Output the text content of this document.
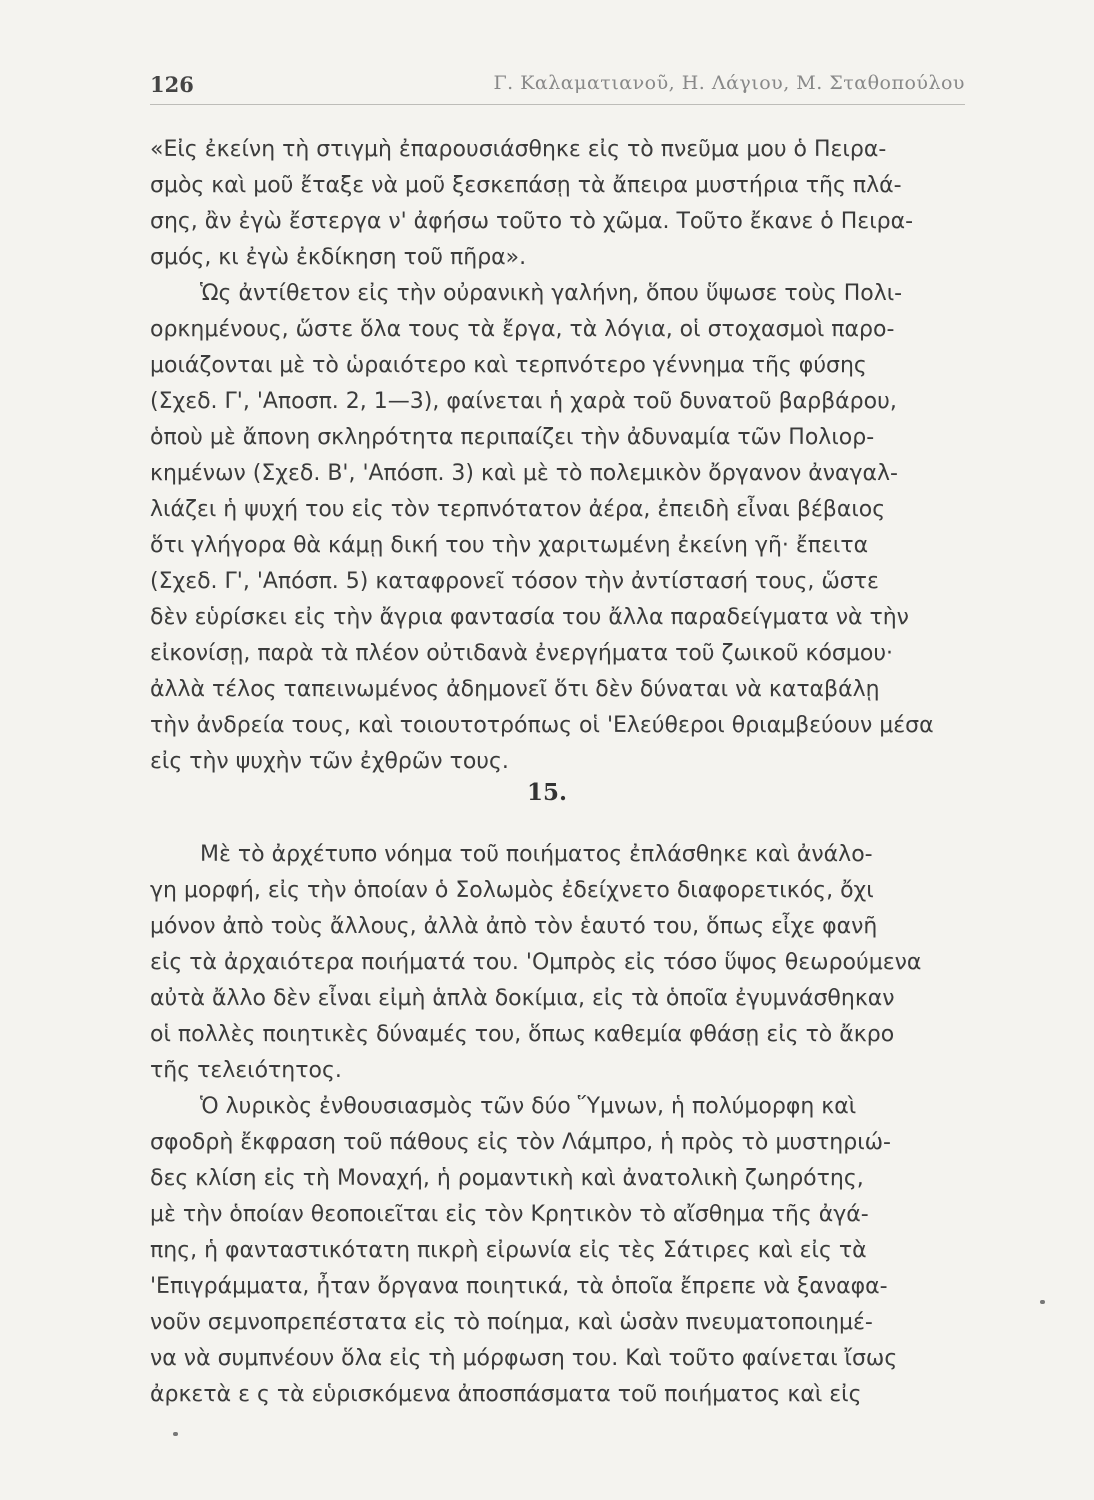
126	Γ. Καλαματιανοῦ, Η. Λάγιου, Μ. Σταθοπούλου
«Εἰς ἐκείνη τὴ στιγμὴ ἐπαρουσιάσθηκε εἰς τὸ πνεῦμα μου ὁ Πειρα-
σμὸς καὶ μοῦ ἔταξε νὰ μοῦ ξεσκεπάσῃ τὰ ἄπειρα μυστήρια τῆς πλά-
σης, ἂν ἐγὼ ἔστεργα ν' ἀφήσω τοῦτο τὸ χῶμα. Τοῦτο ἔκανε ὁ Πειρα-
σμός, κι ἐγὼ ἐκδίκηση τοῦ πῆρα».
Ὡς ἀντίθετον εἰς τὴν οὐρανικὴ γαλήνη, ὅπου ὕψωσε τοὺς Πολι-
ορκημένους, ὥστε ὅλα τους τὰ ἔργα, τὰ λόγια, οἱ στοχασμοὶ παρο-
μοιάζονται μὲ τὸ ὡραιότερο καὶ τερπνότερο γέννημα τῆς φύσης
(Σχεδ. Γ', 'Αποσπ. 2, 1—3), φαίνεται ἡ χαρὰ τοῦ δυνατοῦ βαρβάρου,
ὁποὺ μὲ ἄπονη σκληρότητα περιπαίζει τὴν ἀδυναμία τῶν Πολιορ-
κημένων (Σχεδ. Β', 'Απόσπ. 3) καὶ μὲ τὸ πολεμικὸν ὄργανον ἀναγαλ-
λιάζει ἡ ψυχή του εἰς τὸν τερπνότατον ἀέρα, ἐπειδὴ εἶναι βέβαιος
ὅτι γλήγορα θὰ κάμῃ δική του τὴν χαριτωμένη ἐκείνη γῆ· ἔπειτα
(Σχεδ. Γ', 'Απόσπ. 5) καταφρονεῖ τόσον τὴν ἀντίστασή τους, ὥστε
δὲν εὑρίσκει εἰς τὴν ἄγρια φαντασία του ἄλλα παραδείγματα νὰ τὴν
εἰκονίσῃ, παρὰ τὰ πλέον οὐτιδανὰ ἐνεργήματα τοῦ ζωικοῦ κόσμου·
ἀλλὰ τέλος ταπεινωμένος ἀδημονεῖ ὅτι δὲν δύναται νὰ καταβάλῃ
τὴν ἀνδρεία τους, καὶ τοιουτοτρόπως οἱ 'Ελεύθεροι θριαμβεύουν μέσα
εἰς τὴν ψυχὴν τῶν ἐχθρῶν τους.
15.
Μὲ τὸ ἀρχέτυπο νόημα τοῦ ποιήματος ἐπλάσθηκε καὶ ἀνάλο-
γη μορφή, εἰς τὴν ὁποίαν ὁ Σολωμὸς ἐδείχνετο διαφορετικός, ὄχι
μόνον ἀπὸ τοὺς ἄλλους, ἀλλὰ ἀπὸ τὸν ἑαυτό του, ὅπως εἶχε φανῆ
εἰς τὰ ἀρχαιότερα ποιήματά του. 'Ομπρὸς εἰς τόσο ὕψος θεωρούμενα
αὐτὰ ἄλλο δὲν εἶναι εἰμὴ ἁπλὰ δοκίμια, εἰς τὰ ὁποῖα ἐγυμνάσθηκαν
οἱ πολλὲς ποιητικὲς δύναμές του, ὅπως καθεμία φθάσῃ εἰς τὸ ἄκρο
τῆς τελειότητος.
Ὁ λυρικὸς ἐνθουσιασμὸς τῶν δύο Ὕμνων, ἡ πολύμορφη καὶ
σφοδρὴ ἔκφραση τοῦ πάθους εἰς τὸν Λάμπρο, ἡ πρὸς τὸ μυστηριώ-
δες κλίση εἰς τὴ Μοναχή, ἡ ρομαντικὴ καὶ ἀνατολικὴ ζωηρότης,
μὲ τὴν ὁποίαν θεοποιεῖται εἰς τὸν Κρητικὸν τὸ αἴσθημα τῆς ἀγά-
πης, ἡ φανταστικότατη πικρὴ εἰρωνία εἰς τὲς Σάτιρες καὶ εἰς τὰ
'Επιγράμματα, ἦταν ὄργανα ποιητικά, τὰ ὁποῖα ἔπρεπε νὰ ξαναφα-
νοῦν σεμνοπρεπέστατα εἰς τὸ ποίημα, καὶ ὡσὰν πνευματοποιημέ-
να νὰ συμπνέουν ὅλα εἰς τὴ μόρφωση του. Καὶ τοῦτο φαίνεται ἴσως
ἀρκετὰ ε ς τὰ εὑρισκόμενα ἀποσπάσματα τοῦ ποιήματος καὶ εἰς
